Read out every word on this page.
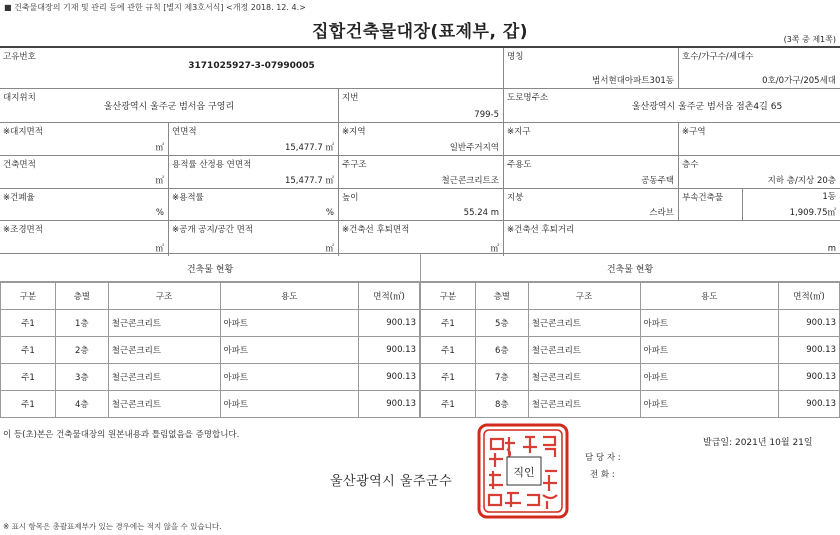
■ 건축물대장의 기재 및 관리 등에 관한 규칙 [별지 제3호서식] <개정 2018. 12. 4.>
집합건축물대장(표제부, 갑)	(3쪽 중 제1쪽)
고유번호
3171025927-3-07990005
명칭
범서현대아파트301동
호수/가구수/세대수
0호/0가구/205세대
대지위치
울산광역시 울주군 범서읍 구영리
지번
799-5
도로명주소
울산광역시 울주군 범서읍 점촌4길 65
※대지면적
㎡
연면적
15,477.7 ㎡
※지역
일반주거지역
※지구	※구역
건축면적
㎡
용적률 산정용 연면적
15,477.7 ㎡
주구조
철근콘크리트조
주용도
공동주택
층수
지하 층/지상 20층
※건폐율
%
※용적률
%
높이
55.24 m
지붕
스라브
부속건축물	1동
1,909.75㎡
※조경면적
㎡
※공개 공지/공간 면적
㎡
※건축선 후퇴면적
㎡
※건축선 후퇴거리
m
건축물 현황	건축물 현황
구분	층별	구조	용도	면적(㎡)
주1	1층	철근콘크리트	아파트	900.13
주1	2층	철근콘크리트	아파트	900.13
주1	3층	철근콘크리트	아파트	900.13
주1	4층	철근콘크리트	아파트	900.13
구분	층별	구조	용도	면적(㎡)
주1	5층	철근콘크리트	아파트	900.13
주1	6층	철근콘크리트	아파트	900.13
주1	7층	철근콘크리트	아파트	900.13
주1	8층	철근콘크리트	아파트	900.13
이 등(초)본은 건축물대장의 원본내용과 틀림없음을 증명합니다.
발급일: 2021년 10월 21일
울산광역시 울주군수
담 당 자 :
전 화 :
직인
※ 표시 항목은 총괄표제부가 있는 경우에는 적지 않을 수 있습니다.
